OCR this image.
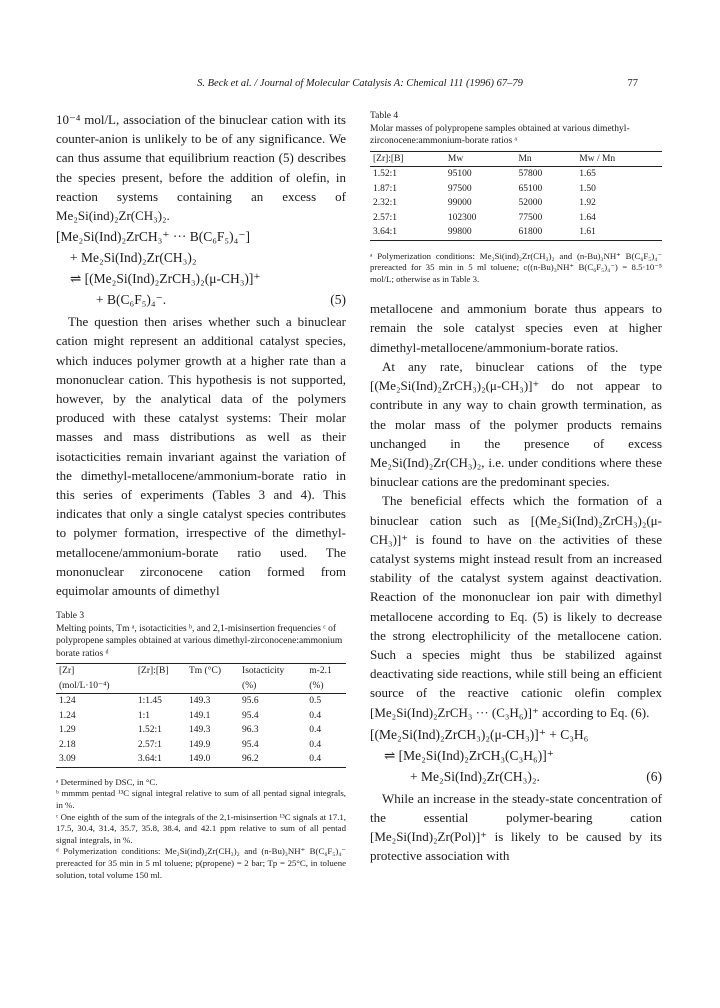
S. Beck et al. / Journal of Molecular Catalysis A: Chemical 111 (1996) 67–79	77

10⁻⁴ mol/L, association of the binuclear cation with its counter-anion is unlikely to be of any significance. We can thus assume that equilibrium reaction (5) describes the species present, before the addition of olefin, in reaction systems containing an excess of Me₂Si(ind)₂Zr(CH₃)₂.

[Me₂Si(Ind)₂ZrCH₃⁺ ··· B(C₆F₅)₄⁻]
+ Me₂Si(Ind)₂Zr(CH₃)₂
⇌ [(Me₂Si(Ind)₂ZrCH₃)₂(μ-CH₃)]⁺
+ B(C₆F₅)₄⁻.	(5)

The question then arises whether such a binuclear cation might represent an additional catalyst species, which induces polymer growth at a higher rate than a mononuclear cation. This hypothesis is not supported, however, by the analytical data of the polymers produced with these catalyst systems: Their molar masses and mass distributions as well as their isotacticities remain invariant against the variation of the dimethyl-metallocene/ammonium-borate ratio in this series of experiments (Tables 3 and 4). This indicates that only a single catalyst species contributes to polymer formation, irrespective of the dimethyl-metallocene/ammonium-borate ratio used. The mononuclear zirconocene cation formed from equimolar amounts of dimethyl

Table 3
Melting points, Tm ᵃ, isotacticities ᵇ, and 2,1-misinsertion frequencies ᶜ of polypropene samples obtained at various dimethyl-zirconocene:ammonium borate ratios ᵈ
[Zr]	[Zr]:[B]	Tm (°C)	Isotacticity	m-2.1
(mol/L·10⁻⁴)			(%)	(%)
1.24	1:1.45	149.3	95.6	0.5
1.24	1:1	149.1	95.4	0.4
1.29	1.52:1	149.3	96.3	0.4
2.18	2.57:1	149.9	95.4	0.4
3.09	3.64:1	149.0	96.2	0.4
ᵃ Determined by DSC, in °C.
ᵇ mmmm pentad ¹³C signal integral relative to sum of all pentad signal integrals, in %.
ᶜ One eighth of the sum of the integrals of the 2,1-misinsertion ¹³C signals at 17.1, 17.5, 30.4, 31.4, 35.7, 35.8, 38.4, and 42.1 ppm relative to sum of all pentad signal integrals, in %.
ᵈ Polymerization conditions: Me₂Si(ind)₂Zr(CH₃)₂ and (n-Bu)₃NH⁺ B(C₆F₅)₄⁻ prereacted for 35 min in 5 ml toluene; p(propene) = 2 bar; Tp = 25°C, in toluene solution, total volume 150 ml.
Table 4
Molar masses of polypropene samples obtained at various dimethyl-zirconocene:ammonium-borate ratios ᵃ
[Zr]:[B]	Mw	Mn	Mw / Mn
1.52:1	95100	57800	1.65
1.87:1	97500	65100	1.50
2.32:1	99000	52000	1.92
2.57:1	102300	77500	1.64
3.64:1	99800	61800	1.61
ᵃ Polymerization conditions: Me₂Si(ind)₂Zr(CH₃)₂ and (n-Bu)₃NH⁺ B(C₆F₅)₄⁻ prereacted for 35 min in 5 ml toluene; c((n-Bu)₃NH⁺ B(C₆F₅)₄⁻) = 8.5·10⁻⁵ mol/L; otherwise as in Table 3.

metallocene and ammonium borate thus appears to remain the sole catalyst species even at higher dimethyl-metallocene/ammonium-borate ratios.

At any rate, binuclear cations of the type [(Me₂Si(Ind)₂ZrCH₃)₂(μ-CH₃)]⁺ do not appear to contribute in any way to chain growth termination, as the molar mass of the polymer products remains unchanged in the presence of excess Me₂Si(Ind)₂Zr(CH₃)₂, i.e. under conditions where these binuclear cations are the predominant species.

The beneficial effects which the formation of a binuclear cation such as [(Me₂Si(Ind)₂ZrCH₃)₂(μ-CH₃)]⁺ is found to have on the activities of these catalyst systems might instead result from an increased stability of the catalyst system against deactivation. Reaction of the mononuclear ion pair with dimethyl metallocene according to Eq. (5) is likely to decrease the strong electrophilicity of the metallocene cation. Such a species might thus be stabilized against deactivating side reactions, while still being an efficient source of the reactive cationic olefin complex [Me₂Si(Ind)₂ZrCH₃ ··· (C₃H₆)]⁺ according to Eq. (6).

[(Me₂Si(Ind)₂ZrCH₃)₂(μ-CH₃)]⁺ + C₃H₆
⇌ [Me₂Si(Ind)₂ZrCH₃(C₃H₆)]⁺
+ Me₂Si(Ind)₂Zr(CH₃)₂.	(6)

While an increase in the steady-state concentration of the essential polymer-bearing cation [Me₂Si(Ind)₂Zr(Pol)]⁺ is likely to be caused by its protective association with
